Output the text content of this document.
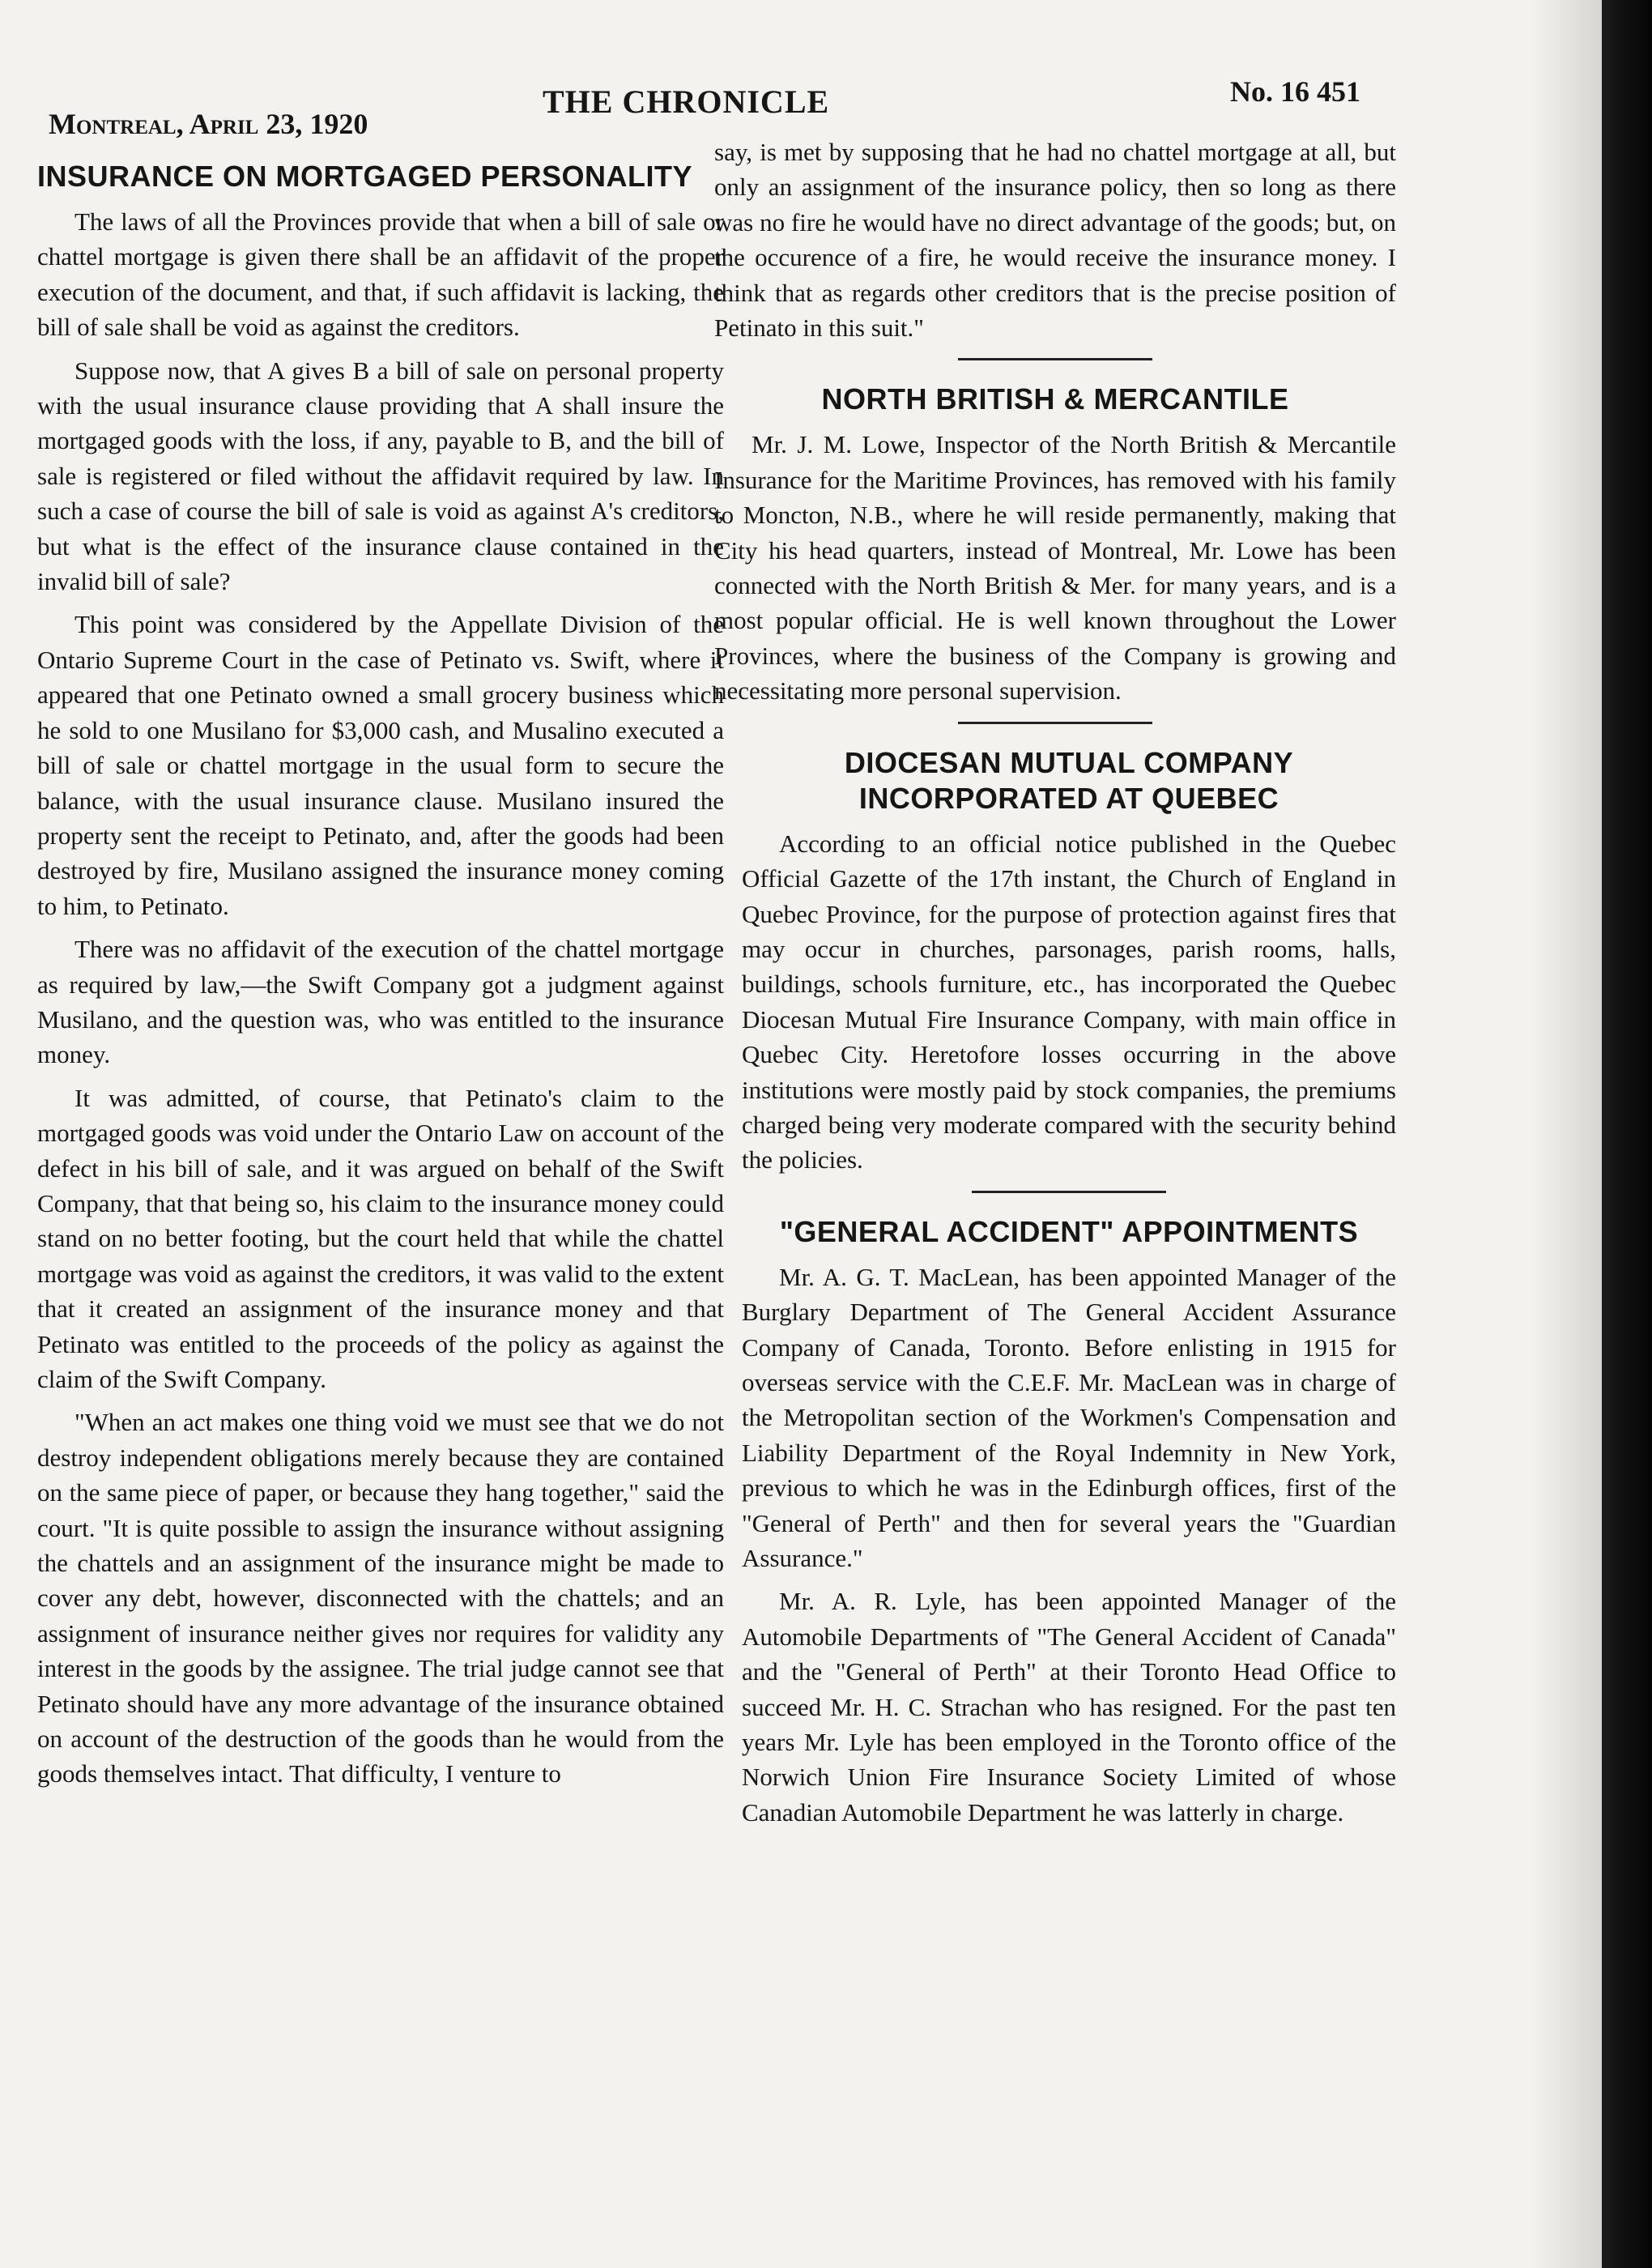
Montreal, April 23, 1920
THE CHRONICLE	No. 16 451
INSURANCE ON MORTGAGED PERSONALITY

The laws of all the Provinces provide that when a bill of sale or chattel mortgage is given there shall be an affidavit of the proper execution of the document, and that, if such affidavit is lacking, the bill of sale shall be void as against the creditors.

Suppose now, that A gives B a bill of sale on personal property with the usual insurance clause providing that A shall insure the mortgaged goods with the loss, if any, payable to B, and the bill of sale is registered or filed without the affidavit required by law. In such a case of course the bill of sale is void as against A's creditors, but what is the effect of the insurance clause contained in the invalid bill of sale?

This point was considered by the Appellate Division of the Ontario Supreme Court in the case of Petinato vs. Swift, where it appeared that one Petinato owned a small grocery business which he sold to one Musilano for $3,000 cash, and Musalino executed a bill of sale or chattel mortgage in the usual form to secure the balance, with the usual insurance clause. Musilano insured the property sent the receipt to Petinato, and, after the goods had been destroyed by fire, Musilano assigned the insurance money coming to him, to Petinato.

There was no affidavit of the execution of the chattel mortgage as required by law,—the Swift Company got a judgment against Musilano, and the question was, who was entitled to the insurance money.

It was admitted, of course, that Petinato's claim to the mortgaged goods was void under the Ontario Law on account of the defect in his bill of sale, and it was argued on behalf of the Swift Company, that that being so, his claim to the insurance money could stand on no better footing, but the court held that while the chattel mortgage was void as against the creditors, it was valid to the extent that it created an assignment of the insurance money and that Petinato was entitled to the proceeds of the policy as against the claim of the Swift Company.

"When an act makes one thing void we must see that we do not destroy independent obligations merely because they are contained on the same piece of paper, or because they hang together," said the court. "It is quite possible to assign the insurance without assigning the chattels and an assignment of the insurance might be made to cover any debt, however, disconnected with the chattels; and an assignment of insurance neither gives nor requires for validity any interest in the goods by the assignee. The trial judge cannot see that Petinato should have any more advantage of the insurance obtained on account of the destruction of the goods than he would from the goods themselves intact. That difficulty, I venture to

say, is met by supposing that he had no chattel mortgage at all, but only an assignment of the insurance policy, then so long as there was no fire he would have no direct advantage of the goods; but, on the occurence of a fire, he would receive the insurance money. I think that as regards other creditors that is the precise position of Petinato in this suit."

NORTH BRITISH & MERCANTILE

Mr. J. M. Lowe, Inspector of the North British & Mercantile Insurance for the Maritime Provinces, has removed with his family to Moncton, N.B., where he will reside permanently, making that City his head quarters, instead of Montreal, Mr. Lowe has been connected with the North British & Mer. for many years, and is a most popular official. He is well known throughout the Lower Provinces, where the business of the Company is growing and necessitating more personal supervision.

DIOCESAN MUTUAL COMPANY
INCORPORATED AT QUEBEC

According to an official notice published in the Quebec Official Gazette of the 17th instant, the Church of England in Quebec Province, for the purpose of protection against fires that may occur in churches, parsonages, parish rooms, halls, buildings, schools furniture, etc., has incorporated the Quebec Diocesan Mutual Fire Insurance Company, with main office in Quebec City. Heretofore losses occurring in the above institutions were mostly paid by stock companies, the premiums charged being very moderate compared with the security behind the policies.

"GENERAL ACCIDENT" APPOINTMENTS

Mr. A. G. T. MacLean, has been appointed Manager of the Burglary Department of The General Accident Assurance Company of Canada, Toronto. Before enlisting in 1915 for overseas service with the C.E.F. Mr. MacLean was in charge of the Metropolitan section of the Workmen's Compensation and Liability Department of the Royal Indemnity in New York, previous to which he was in the Edinburgh offices, first of the "General of Perth" and then for several years the "Guardian Assurance."

Mr. A. R. Lyle, has been appointed Manager of the Automobile Departments of "The General Accident of Canada" and the "General of Perth" at their Toronto Head Office to succeed Mr. H. C. Strachan who has resigned. For the past ten years Mr. Lyle has been employed in the Toronto office of the Norwich Union Fire Insurance Society Limited of whose Canadian Automobile Department he was latterly in charge.
